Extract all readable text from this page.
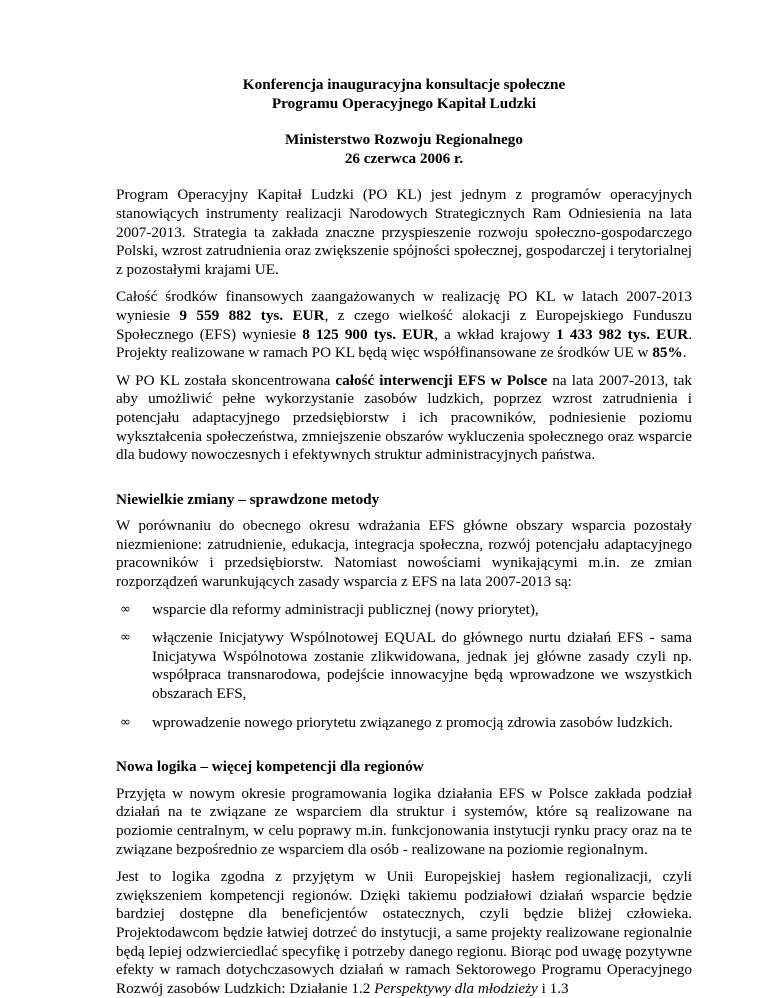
Konferencja inauguracyjna konsultacje społeczne
Programu Operacyjnego Kapitał Ludzki
Ministerstwo Rozwoju Regionalnego
26 czerwca 2006 r.

Program Operacyjny Kapitał Ludzki (PO KL) jest jednym z programów operacyjnych stanowiących instrumenty realizacji Narodowych Strategicznych Ram Odniesienia na lata 2007-2013. Strategia ta zakłada znaczne przyspieszenie rozwoju społeczno-gospodarczego Polski, wzrost zatrudnienia oraz zwiększenie spójności społecznej, gospodarczej i terytorialnej z pozostałymi krajami UE.

Całość środków finansowych zaangażowanych w realizację PO KL w latach 2007-2013 wyniesie 9 559 882 tys. EUR, z czego wielkość alokacji z Europejskiego Funduszu Społecznego (EFS) wyniesie 8 125 900 tys. EUR, a wkład krajowy 1 433 982 tys. EUR. Projekty realizowane w ramach PO KL będą więc współfinansowane ze środków UE w 85%.

W PO KL została skoncentrowana całość interwencji EFS w Polsce na lata 2007-2013, tak aby umożliwić pełne wykorzystanie zasobów ludzkich, poprzez wzrost zatrudnienia i potencjału adaptacyjnego przedsiębiorstw i ich pracowników, podniesienie poziomu wykształcenia społeczeństwa, zmniejszenie obszarów wykluczenia społecznego oraz wsparcie dla budowy nowoczesnych i efektywnych struktur administracyjnych państwa.

Niewielkie zmiany – sprawdzone metody

W porównaniu do obecnego okresu wdrażania EFS główne obszary wsparcia pozostały niezmienione: zatrudnienie, edukacja, integracja społeczna, rozwój potencjału adaptacyjnego pracowników i przedsiębiorstw. Natomiast nowościami wynikającymi m.in. ze zmian rozporządzeń warunkujących zasady wsparcia z EFS na lata 2007-2013 są:

∞ wsparcie dla reformy administracji publicznej (nowy priorytet),
∞ włączenie Inicjatywy Wspólnotowej EQUAL do głównego nurtu działań EFS - sama Inicjatywa Wspólnotowa zostanie zlikwidowana, jednak jej główne zasady czyli np. współpraca transnarodowa, podejście innowacyjne będą wprowadzone we wszystkich obszarach EFS,
∞ wprowadzenie nowego priorytetu związanego z promocją zdrowia zasobów ludzkich.
Nowa logika – więcej kompetencji dla regionów

Przyjęta w nowym okresie programowania logika działania EFS w Polsce zakłada podział działań na te związane ze wsparciem dla struktur i systemów, które są realizowane na poziomie centralnym, w celu poprawy m.in. funkcjonowania instytucji rynku pracy oraz na te związane bezpośrednio ze wsparciem dla osób - realizowane na poziomie regionalnym.

Jest to logika zgodna z przyjętym w Unii Europejskiej hasłem regionalizacji, czyli zwiększeniem kompetencji regionów. Dzięki takiemu podziałowi działań wsparcie będzie bardziej dostępne dla beneficjentów ostatecznych, czyli będzie bliżej człowieka. Projektodawcom będzie łatwiej dotrzeć do instytucji, a same projekty realizowane regionalnie będą lepiej odzwierciedlać specyfikę i potrzeby danego regionu. Biorąc pod uwagę pozytywne efekty w ramach dotychczasowych działań w ramach Sektorowego Programu Operacyjnego Rozwój zasobów Ludzkich: Działanie 1.2 Perspektywy dla młodzieży i 1.3
